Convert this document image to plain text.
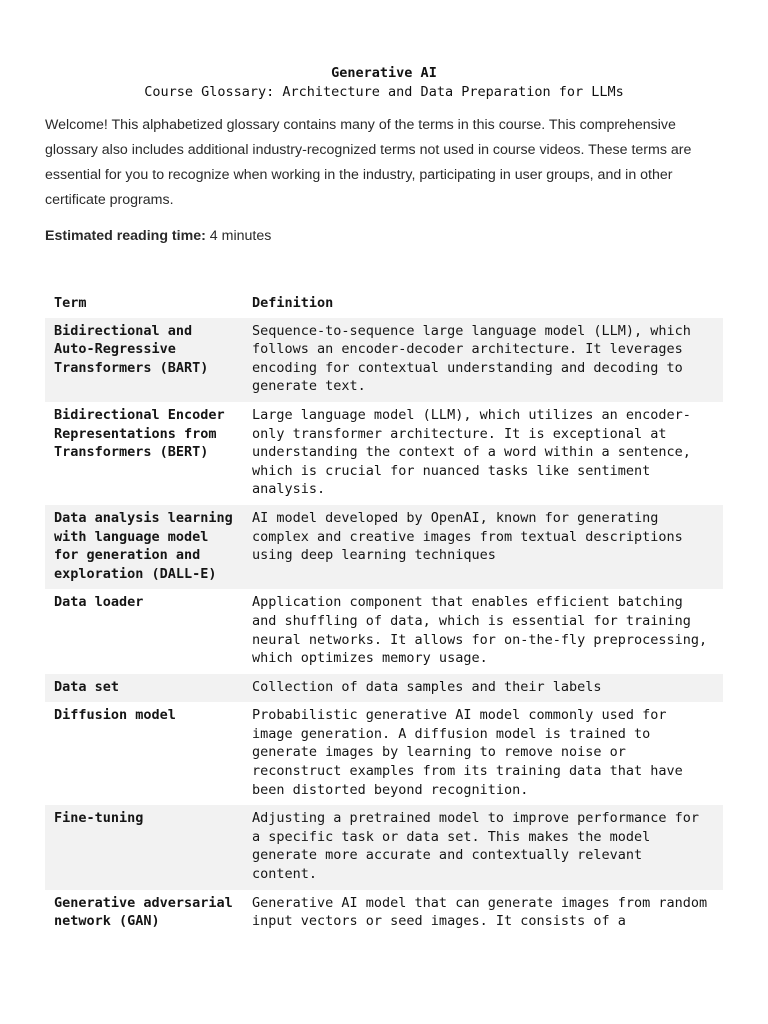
Generative AI
Course Glossary: Architecture and Data Preparation for LLMs

Welcome! This alphabetized glossary contains many of the terms in this course. This comprehensive glossary also includes additional industry-recognized terms not used in course videos. These terms are essential for you to recognize when working in the industry, participating in user groups, and in other certificate programs.

Estimated reading time: 4 minutes
Term	Definition
Bidirectional and Auto-Regressive Transformers (BART)	Sequence-to-sequence large language model (LLM), which follows an encoder-decoder architecture. It leverages encoding for contextual understanding and decoding to generate text.
Bidirectional Encoder Representations from Transformers (BERT)	Large language model (LLM), which utilizes an encoder-only transformer architecture. It is exceptional at understanding the context of a word within a sentence, which is crucial for nuanced tasks like sentiment analysis.
Data analysis learning with language model for generation and exploration (DALL-E)	AI model developed by OpenAI, known for generating complex and creative images from textual descriptions using deep learning techniques
Data loader	Application component that enables efficient batching and shuffling of data, which is essential for training neural networks. It allows for on-the-fly preprocessing, which optimizes memory usage.
Data set	Collection of data samples and their labels
Diffusion model	Probabilistic generative AI model commonly used for image generation. A diffusion model is trained to generate images by learning to remove noise or reconstruct examples from its training data that have been distorted beyond recognition.
Fine-tuning	Adjusting a pretrained model to improve performance for a specific task or data set. This makes the model generate more accurate and contextually relevant content.
Generative adversarial network (GAN)	Generative AI model that can generate images from random input vectors or seed images. It consists of a
